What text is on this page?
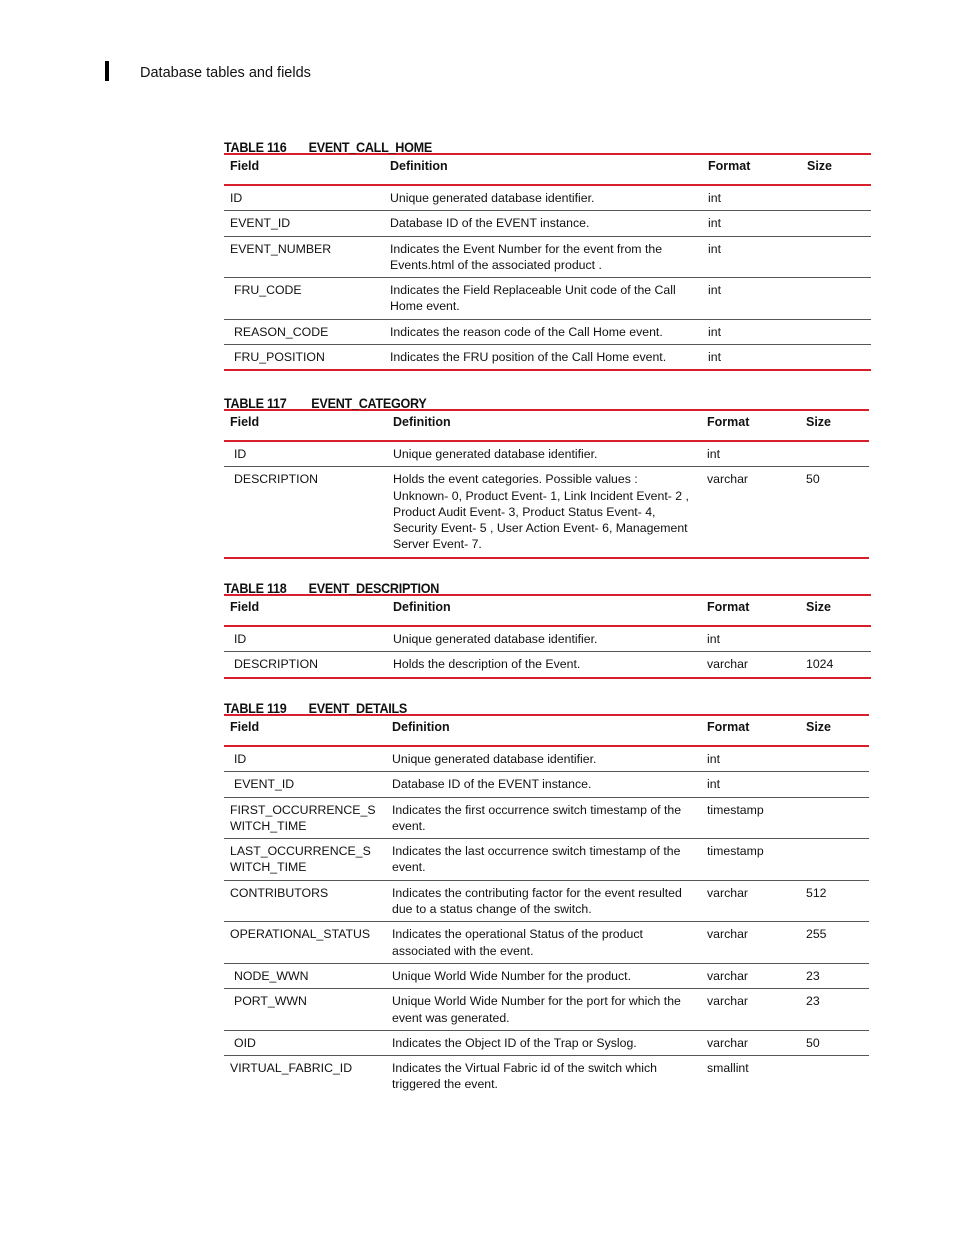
Database tables and fields
TABLE 116 EVENT_CALL_HOME
Field	Definition	Format	Size
ID	Unique generated database identifier.	int	
EVENT_ID	Database ID of the EVENT instance.	int	
EVENT_NUMBER	Indicates the Event Number for the event from the Events.html of the associated product .	int	
FRU_CODE	Indicates the Field Replaceable Unit code of the Call Home event.	int	
REASON_CODE	Indicates the reason code of the Call Home event.	int	
FRU_POSITION	Indicates the FRU position of the Call Home event.	int	
TABLE 117 EVENT_CATEGORY
Field	Definition	Format	Size
ID	Unique generated database identifier.	int	
DESCRIPTION	Holds the event categories. Possible values : Unknown- 0, Product Event- 1, Link Incident Event- 2 , Product Audit Event- 3, Product Status Event- 4, Security Event- 5 , User Action Event- 6, Management Server Event- 7.	varchar	50
TABLE 118 EVENT_DESCRIPTION
Field	Definition	Format	Size
ID	Unique generated database identifier.	int	
DESCRIPTION	Holds the description of the Event.	varchar	1024
TABLE 119 EVENT_DETAILS
Field	Definition	Format	Size
ID	Unique generated database identifier.	int	
EVENT_ID	Database ID of the EVENT instance.	int	
FIRST_OCCURRENCE_SWITCH_TIME	Indicates the first occurrence switch timestamp of the event.	timestamp	
LAST_OCCURRENCE_SWITCH_TIME	Indicates the last occurrence switch timestamp of the event.	timestamp	
CONTRIBUTORS	Indicates the contributing factor for the event resulted due to a status change of the switch.	varchar	512
OPERATIONAL_STATUS	Indicates the operational Status of the product associated with the event.	varchar	255
NODE_WWN	Unique World Wide Number for the product.	varchar	23
PORT_WWN	Unique World Wide Number for the port for which the event was generated.	varchar	23
OID	Indicates the Object ID of the Trap or Syslog.	varchar	50
VIRTUAL_FABRIC_ID	Indicates the Virtual Fabric id of the switch which triggered the event.	smallint	
